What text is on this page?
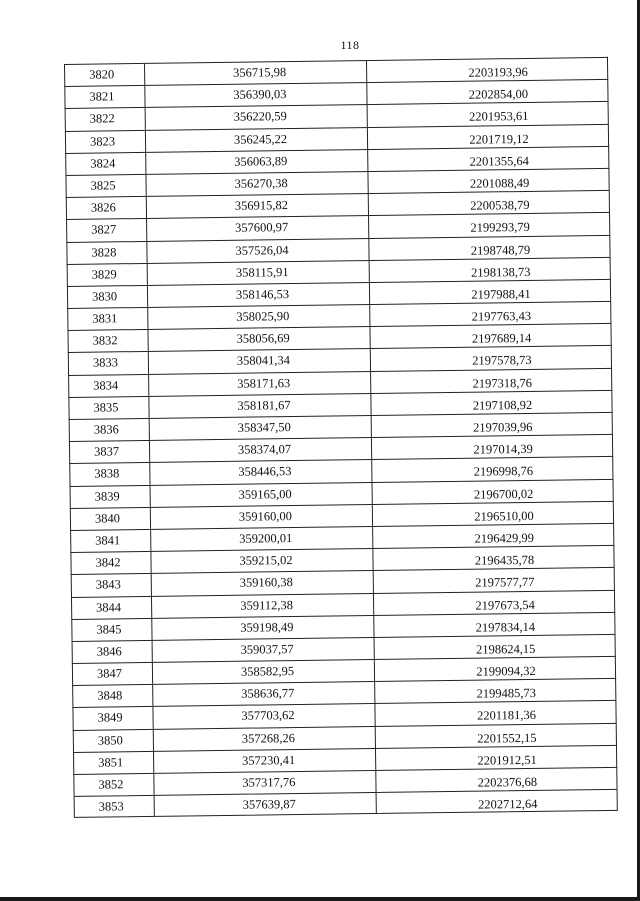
118
3820	356715,98	2203193,96
3821	356390,03	2202854,00
3822	356220,59	2201953,61
3823	356245,22	2201719,12
3824	356063,89	2201355,64
3825	356270,38	2201088,49
3826	356915,82	2200538,79
3827	357600,97	2199293,79
3828	357526,04	2198748,79
3829	358115,91	2198138,73
3830	358146,53	2197988,41
3831	358025,90	2197763,43
3832	358056,69	2197689,14
3833	358041,34	2197578,73
3834	358171,63	2197318,76
3835	358181,67	2197108,92
3836	358347,50	2197039,96
3837	358374,07	2197014,39
3838	358446,53	2196998,76
3839	359165,00	2196700,02
3840	359160,00	2196510,00
3841	359200,01	2196429,99
3842	359215,02	2196435,78
3843	359160,38	2197577,77
3844	359112,38	2197673,54
3845	359198,49	2197834,14
3846	359037,57	2198624,15
3847	358582,95	2199094,32
3848	358636,77	2199485,73
3849	357703,62	2201181,36
3850	357268,26	2201552,15
3851	357230,41	2201912,51
3852	357317,76	2202376,68
3853	357639,87	2202712,64
